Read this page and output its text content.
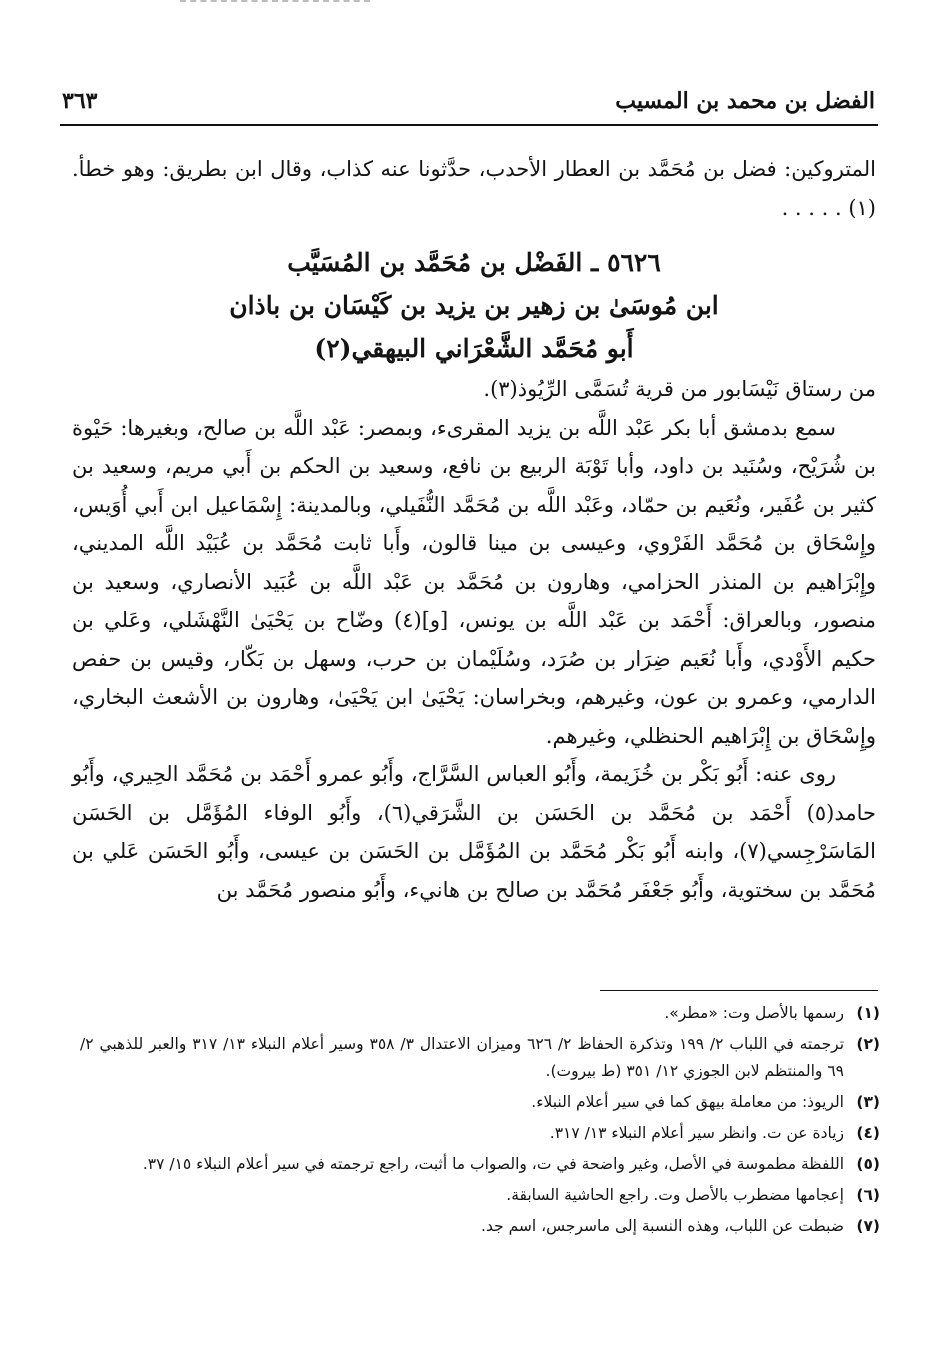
الفضل بن محمد بن المسيب
٣٦٣

المتروكين: فضل بن مُحَمَّد بن العطار الأحدب، حدَّثونا عنه كذاب، وقال ابن بطريق: وهو خطأ.(١) . . . . .

٥٦٢٦ ـ الفَضْل بن مُحَمَّد بن المُسَيَّب

ابن مُوسَىٰ بن زهير بن يزيد بن كَيْسَان بن باذان

أَبو مُحَمَّد الشَّعْرَاني البيهقي(٢)

من رستاق نَيْسَابور من قرية تُسَمَّى الرِّيُوذ(٣).

سمع بدمشق أبا بكر عَبْد اللَّه بن يزيد المقرىء، وبمصر: عَبْد اللَّه بن صالح، وبغيرها: حَيْوة بن شُرَيْح، وسُنَيد بن داود، وأبا تَوْبَة الربيع بن نافع، وسعيد بن الحكم بن أَبي مريم، وسعيد بن كثير بن عُفَير، ونُعَيم بن حمّاد، وعَبْد اللَّه بن مُحَمَّد النُّفَيلي، وبالمدينة: إِسْمَاعيل ابن أَبي أُوَيس، وإِسْحَاق بن مُحَمَّد الفَرْوي، وعيسى بن مينا قالون، وأَبا ثابت مُحَمَّد بن عُبَيْد اللَّه المديني، وإِبْرَاهيم بن المنذر الحزامي، وهارون بن مُحَمَّد بن عَبْد اللَّه بن عُبَيد الأنصاري، وسعيد بن منصور، وبالعراق: أَحْمَد بن عَبْد اللَّه بن يونس، [و](٤) وضّاح بن يَحْيَىٰ النَّهْشَلي، وعَلي بن حكيم الأَوْدي، وأَبا نُعَيم ضِرَار بن صُرَد، وسُلَيْمان بن حرب، وسهل بن بَكّار، وقيس بن حفص الدارمي، وعمرو بن عون، وغيرهم، وبخراسان: يَحْيَىٰ ابن يَحْيَىٰ، وهارون بن الأشعث البخاري، وإِسْحَاق بن إِبْرَاهيم الحنظلي، وغيرهم.

روى عنه: أَبُو بَكْر بن خُزَيمة، وأَبُو العباس السَّرَّاج، وأَبُو عمرو أَحْمَد بن مُحَمَّد الحِيري، وأَبُو حامد(٥) أَحْمَد بن مُحَمَّد بن الحَسَن بن الشَّرَقي(٦)، وأَبُو الوفاء المُؤَمَّل بن الحَسَن المَاسَرْجِسي(٧)، وابنه أَبُو بَكْر مُحَمَّد بن المُؤَمَّل بن الحَسَن بن عيسى، وأَبُو الحَسَن عَلي بن مُحَمَّد بن سختوية، وأَبُو جَعْفَر مُحَمَّد بن صالح بن هانيء، وأَبُو منصور مُحَمَّد بن

(١)
رسمها بالأصل وت: «مطر».
(٢)
ترجمته في اللباب ٢/ ١٩٩ وتذكرة الحفاظ ٢/ ٦٢٦ وميزان الاعتدال ٣/ ٣٥٨ وسير أعلام النبلاء ١٣/ ٣١٧ والعبر للذهبي ٢/ ٦٩ والمنتظم لابن الجوزي ١٢/ ٣٥١ (ط بيروت).
(٣)
الريوذ: من معاملة بيهق كما في سير أعلام النبلاء.
(٤)
زيادة عن ت. وانظر سير أعلام النبلاء ١٣/ ٣١٧.
(٥)
اللفظة مطموسة في الأصل، وغير واضحة في ت، والصواب ما أثبت، راجع ترجمته في سير أعلام النبلاء ١٥/ ٣٧.
(٦)
إعجامها مضطرب بالأصل وت. راجع الحاشية السابقة.
(٧)
ضبطت عن اللباب، وهذه النسبة إلى ماسرجس، اسم جد.
